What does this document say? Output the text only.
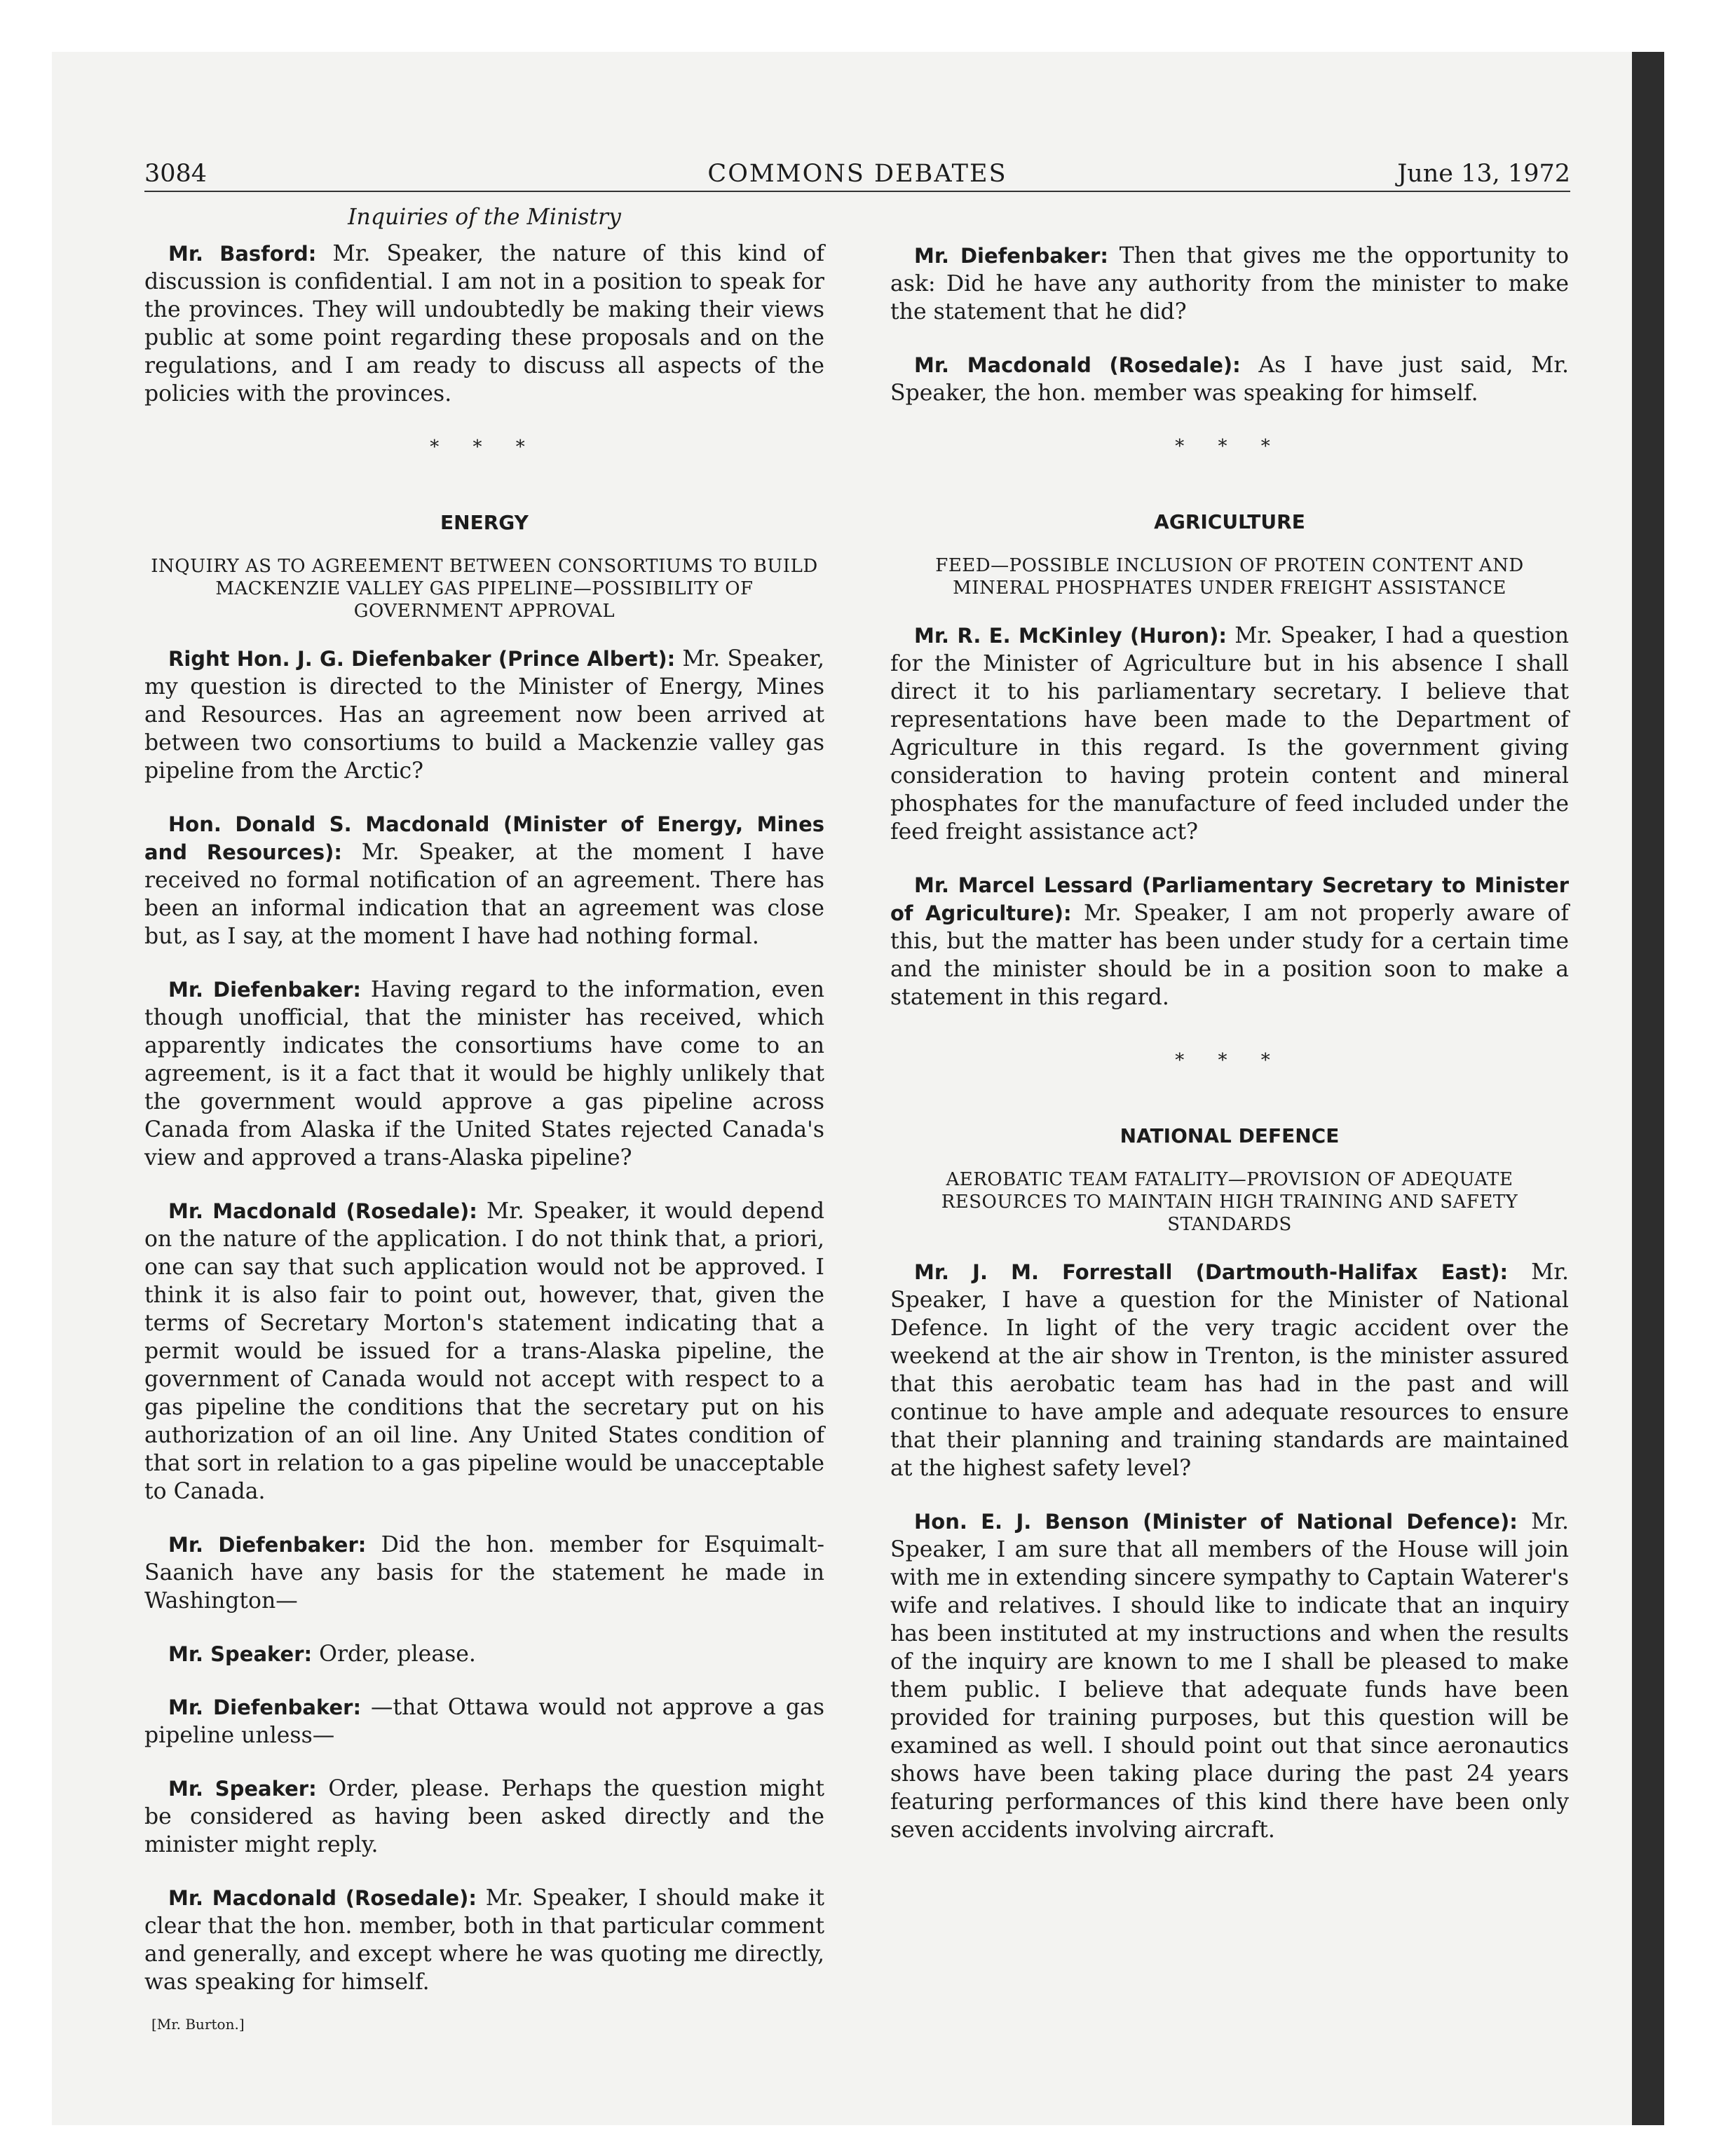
3084	COMMONS DEBATES	June 13, 1972
Inquiries of the Ministry

Mr. Basford: Mr. Speaker, the nature of this kind of discussion is confidential. I am not in a position to speak for the provinces. They will undoubtedly be making their views public at some point regarding these proposals and on the regulations, and I am ready to discuss all aspects of the policies with the provinces.

* * *
ENERGY
INQUIRY AS TO AGREEMENT BETWEEN CONSORTIUMS TO BUILD MACKENZIE VALLEY GAS PIPELINE—POSSIBILITY OF GOVERNMENT APPROVAL

Right Hon. J. G. Diefenbaker (Prince Albert): Mr. Speaker, my question is directed to the Minister of Energy, Mines and Resources. Has an agreement now been arrived at between two consortiums to build a Mackenzie valley gas pipeline from the Arctic?

Hon. Donald S. Macdonald (Minister of Energy, Mines and Resources): Mr. Speaker, at the moment I have received no formal notification of an agreement. There has been an informal indication that an agreement was close but, as I say, at the moment I have had nothing formal.

Mr. Diefenbaker: Having regard to the information, even though unofficial, that the minister has received, which apparently indicates the consortiums have come to an agreement, is it a fact that it would be highly unlikely that the government would approve a gas pipeline across Canada from Alaska if the United States rejected Canada's view and approved a trans-Alaska pipeline?

Mr. Macdonald (Rosedale): Mr. Speaker, it would depend on the nature of the application. I do not think that, a priori, one can say that such application would not be approved. I think it is also fair to point out, however, that, given the terms of Secretary Morton's statement indicating that a permit would be issued for a trans-Alaska pipeline, the government of Canada would not accept with respect to a gas pipeline the conditions that the secretary put on his authorization of an oil line. Any United States condition of that sort in relation to a gas pipeline would be unacceptable to Canada.

Mr. Diefenbaker: Did the hon. member for Esquimalt-Saanich have any basis for the statement he made in Washington—

Mr. Speaker: Order, please.

Mr. Diefenbaker: —that Ottawa would not approve a gas pipeline unless—

Mr. Speaker: Order, please. Perhaps the question might be considered as having been asked directly and the minister might reply.

Mr. Macdonald (Rosedale): Mr. Speaker, I should make it clear that the hon. member, both in that particular comment and generally, and except where he was quoting me directly, was speaking for himself.

[Mr. Burton.]

Mr. Diefenbaker: Then that gives me the opportunity to ask: Did he have any authority from the minister to make the statement that he did?

Mr. Macdonald (Rosedale): As I have just said, Mr. Speaker, the hon. member was speaking for himself.

* * *
AGRICULTURE
FEED—POSSIBLE INCLUSION OF PROTEIN CONTENT AND MINERAL PHOSPHATES UNDER FREIGHT ASSISTANCE

Mr. R. E. McKinley (Huron): Mr. Speaker, I had a question for the Minister of Agriculture but in his absence I shall direct it to his parliamentary secretary. I believe that representations have been made to the Department of Agriculture in this regard. Is the government giving consideration to having protein content and mineral phosphates for the manufacture of feed included under the feed freight assistance act?

Mr. Marcel Lessard (Parliamentary Secretary to Minister of Agriculture): Mr. Speaker, I am not properly aware of this, but the matter has been under study for a certain time and the minister should be in a position soon to make a statement in this regard.

* * *
NATIONAL DEFENCE
AEROBATIC TEAM FATALITY—PROVISION OF ADEQUATE RESOURCES TO MAINTAIN HIGH TRAINING AND SAFETY STANDARDS

Mr. J. M. Forrestall (Dartmouth-Halifax East): Mr. Speaker, I have a question for the Minister of National Defence. In light of the very tragic accident over the weekend at the air show in Trenton, is the minister assured that this aerobatic team has had in the past and will continue to have ample and adequate resources to ensure that their planning and training standards are maintained at the highest safety level?

Hon. E. J. Benson (Minister of National Defence): Mr. Speaker, I am sure that all members of the House will join with me in extending sincere sympathy to Captain Waterer's wife and relatives. I should like to indicate that an inquiry has been instituted at my instructions and when the results of the inquiry are known to me I shall be pleased to make them public. I believe that adequate funds have been provided for training purposes, but this question will be examined as well. I should point out that since aeronautics shows have been taking place during the past 24 years featuring performances of this kind there have been only seven accidents involving aircraft.
